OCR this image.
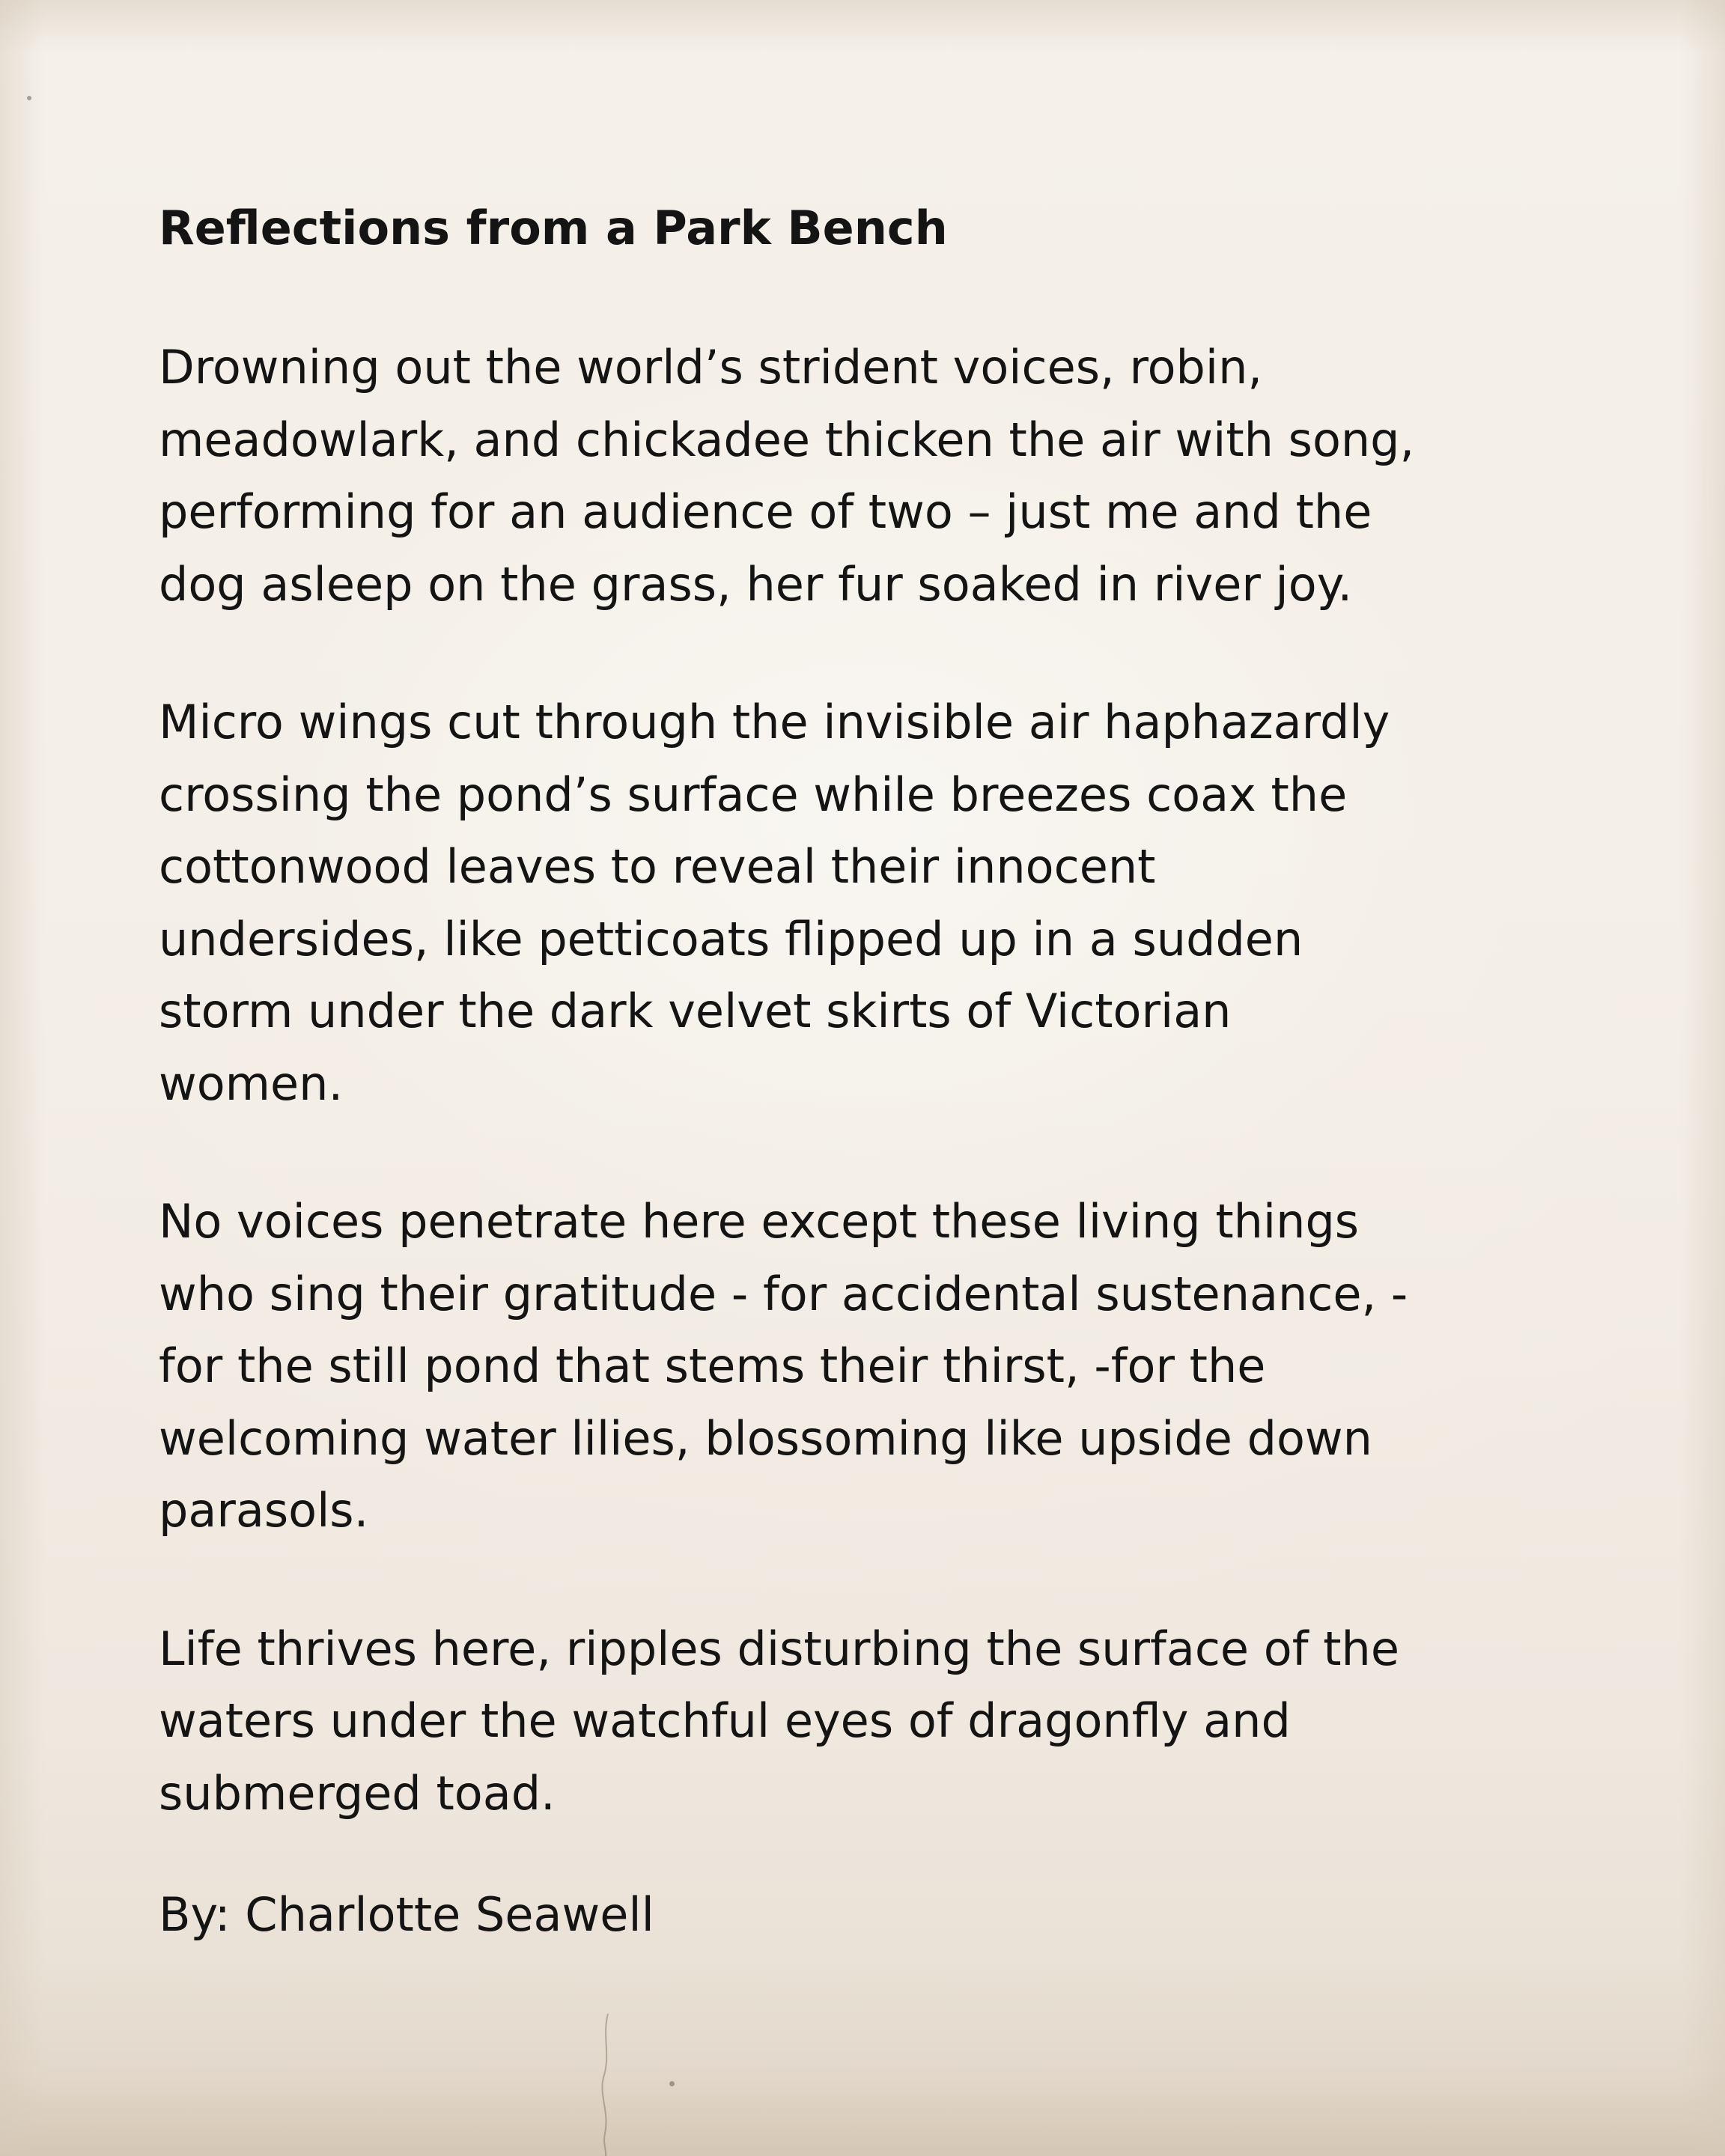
Reflections from a Park Bench
Drowning out the world’s strident voices, robin,
meadowlark, and chickadee thicken the air with song,
performing for an audience of two – just me and the
dog asleep on the grass, her fur soaked in river joy.
Micro wings cut through the invisible air haphazardly
crossing the pond’s surface while breezes coax the
cottonwood leaves to reveal their innocent
undersides, like petticoats flipped up in a sudden
storm under the dark velvet skirts of Victorian
women.
No voices penetrate here except these living things
who sing their gratitude - for accidental sustenance, -
for the still pond that stems their thirst, -for the
welcoming water lilies, blossoming like upside down
parasols.
Life thrives here, ripples disturbing the surface of the
waters under the watchful eyes of dragonfly and
submerged toad.

By: Charlotte Seawell
